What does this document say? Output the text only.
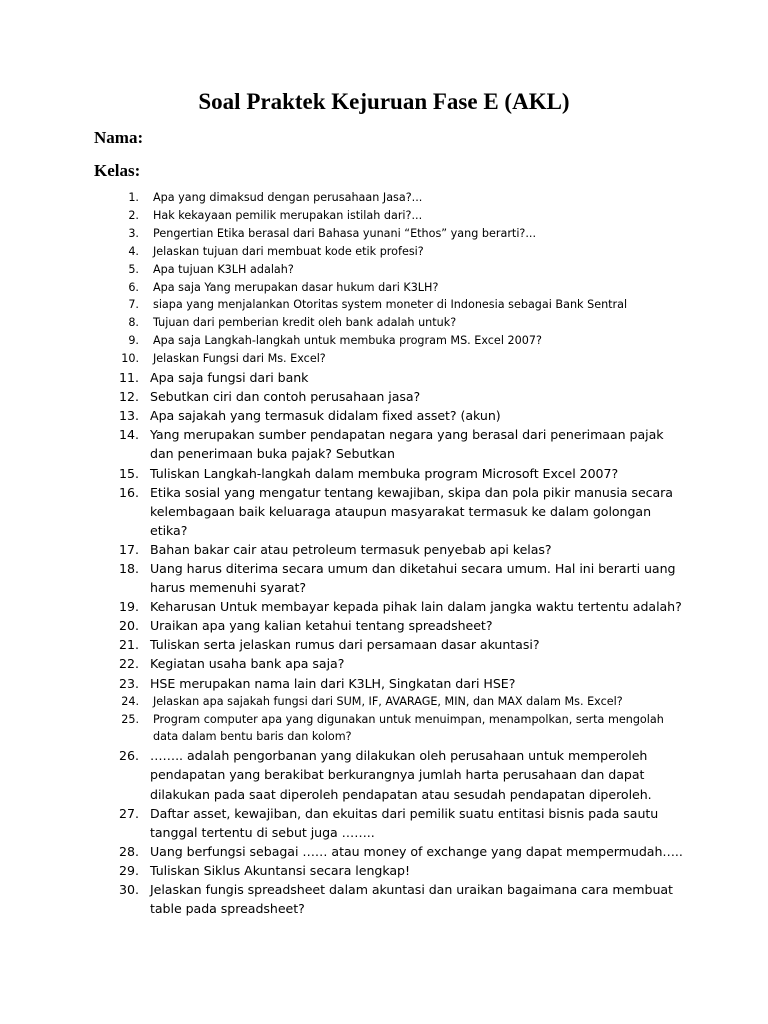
Soal Praktek Kejuruan Fase E (AKL)

Nama:

Kelas:

1.	Apa yang dimaksud dengan perusahaan Jasa?...
2.	Hak kekayaan pemilik merupakan istilah dari?...
3.	Pengertian Etika berasal dari Bahasa yunani “Ethos” yang berarti?...
4.	Jelaskan tujuan dari membuat kode etik profesi?
5.	Apa tujuan K3LH adalah?
6.	Apa saja Yang merupakan dasar hukum dari K3LH?
7.	siapa yang menjalankan Otoritas system moneter di Indonesia sebagai Bank Sentral
8.	Tujuan dari pemberian kredit oleh bank adalah untuk?
9.	Apa saja Langkah-langkah untuk membuka program MS. Excel 2007?
10.	Jelaskan Fungsi dari Ms. Excel?
11. Apa saja fungsi dari bank
12. Sebutkan ciri dan contoh perusahaan jasa?
13. Apa sajakah yang termasuk didalam fixed asset? (akun)
14. Yang merupakan sumber pendapatan negara yang berasal dari penerimaan pajak dan penerimaan buka pajak? Sebutkan
15. Tuliskan Langkah-langkah dalam membuka program Microsoft Excel 2007?
16. Etika sosial yang mengatur tentang kewajiban, skipa dan pola pikir manusia secara kelembagaan baik keluaraga ataupun masyarakat termasuk ke dalam golongan etika?
17. Bahan bakar cair atau petroleum termasuk penyebab api kelas?
18. Uang harus diterima secara umum dan diketahui secara umum. Hal ini berarti uang harus memenuhi syarat?
19. Keharusan Untuk membayar kepada pihak lain dalam jangka waktu tertentu adalah?
20. Uraikan apa yang kalian ketahui tentang spreadsheet?
21. Tuliskan serta jelaskan rumus dari persamaan dasar akuntasi?
22. Kegiatan usaha bank apa saja?
23. HSE merupakan nama lain dari K3LH, Singkatan dari HSE?
24.	Jelaskan apa sajakah fungsi dari SUM, IF, AVARAGE, MIN, dan MAX dalam Ms. Excel?
25.	Program computer apa yang digunakan untuk menuimpan, menampolkan, serta mengolah data dalam bentu baris dan kolom?
26. …….. adalah pengorbanan yang dilakukan oleh perusahaan untuk memperoleh pendapatan yang berakibat berkurangnya jumlah harta perusahaan dan dapat dilakukan pada saat diperoleh pendapatan atau sesudah pendapatan diperoleh.
27. Daftar asset, kewajiban, dan ekuitas dari pemilik suatu entitasi bisnis pada sautu tanggal tertentu di sebut juga ……..
28. Uang berfungsi sebagai …… atau money of exchange yang dapat mempermudah…..
29. Tuliskan Siklus Akuntansi secara lengkap!
30. Jelaskan fungis spreadsheet dalam akuntasi dan uraikan bagaimana cara membuat table pada spreadsheet?
